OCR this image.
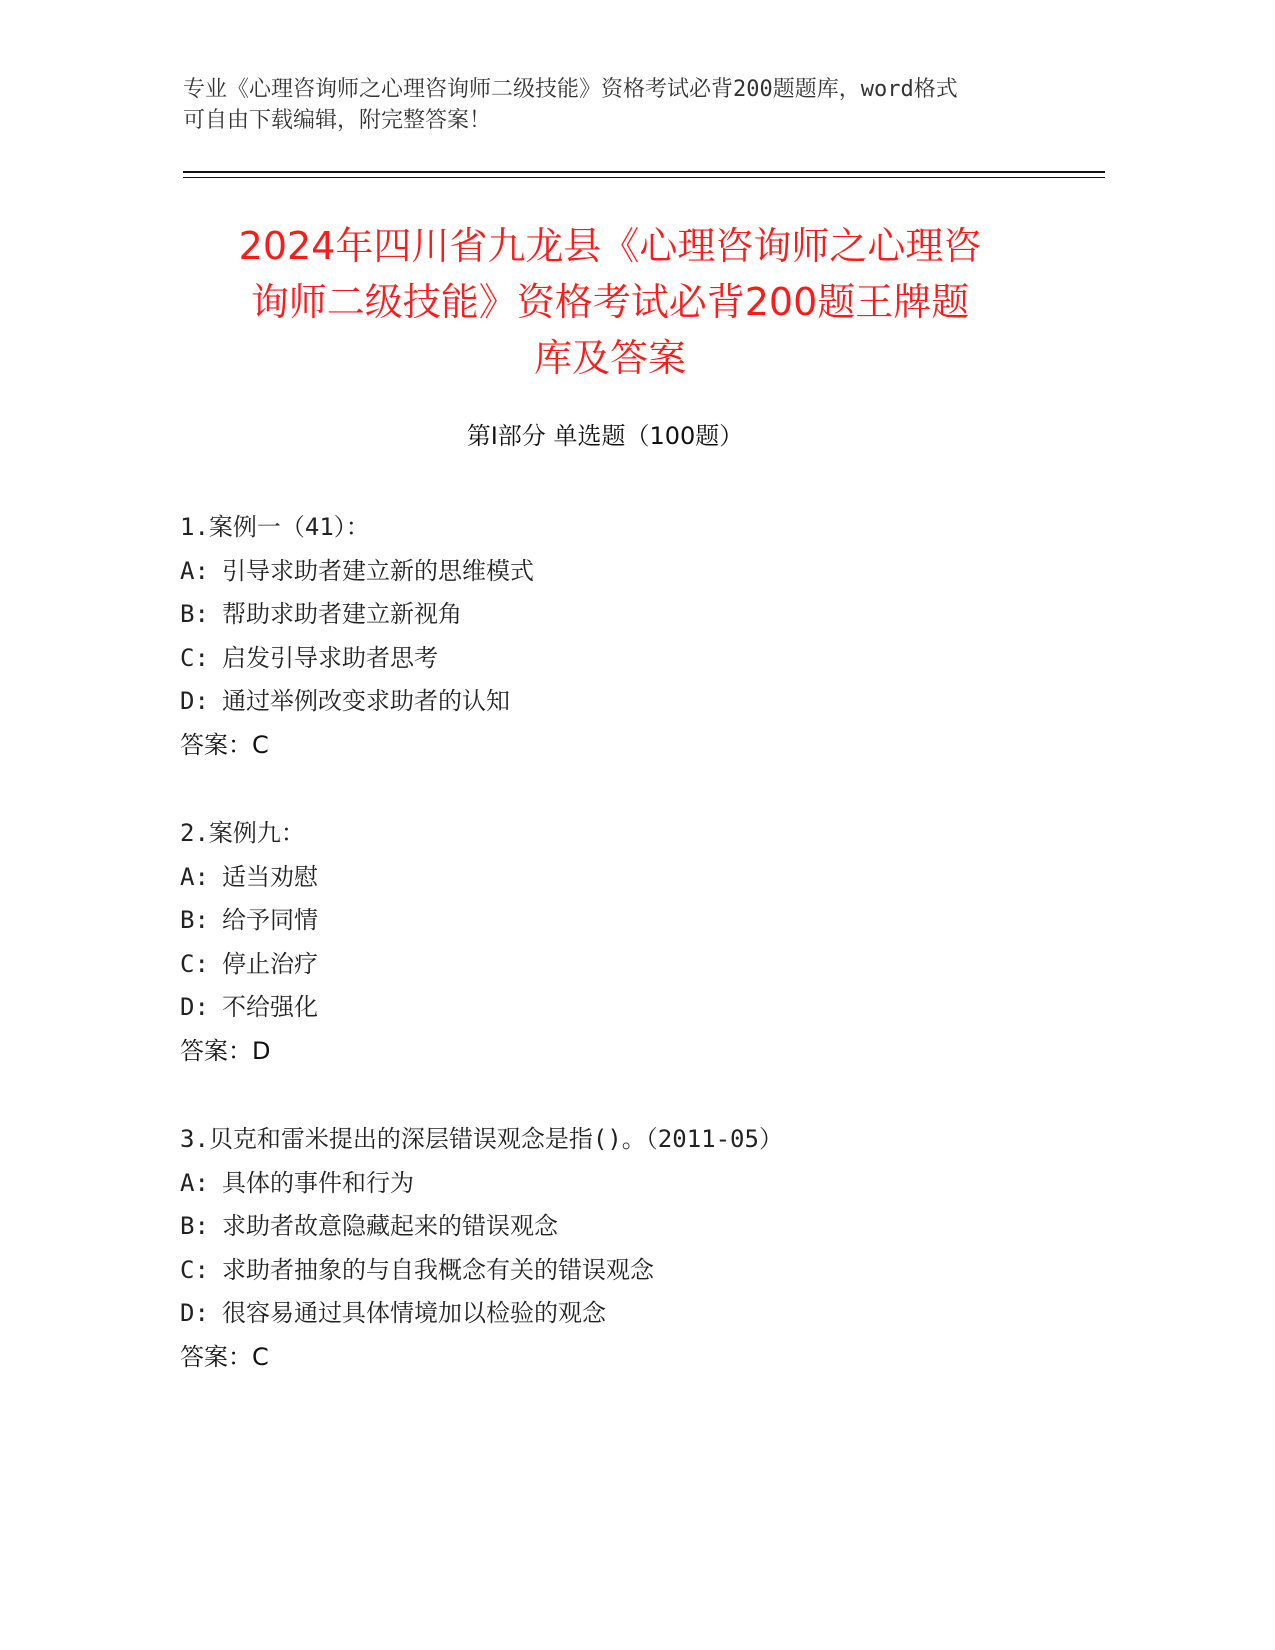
专业《心理咨询师之心理咨询师二级技能》资格考试必背200题题库，word格式
可自由下载编辑，附完整答案！
2024年四川省九龙县《心理咨询师之心理咨
询师二级技能》资格考试必背200题王牌题
库及答案
第Ⅰ部分 单选题（100题）
1.案例一（41）：
A: 引导求助者建立新的思维模式
B: 帮助求助者建立新视角
C: 启发引导求助者思考
D: 通过举例改变求助者的认知
答案：C
2.案例九：
A: 适当劝慰
B: 给予同情
C: 停止治疗
D: 不给强化
答案：D
3.贝克和雷米提出的深层错误观念是指()。（2011-05）
A: 具体的事件和行为
B: 求助者故意隐藏起来的错误观念
C: 求助者抽象的与自我概念有关的错误观念
D: 很容易通过具体情境加以检验的观念
答案：C
